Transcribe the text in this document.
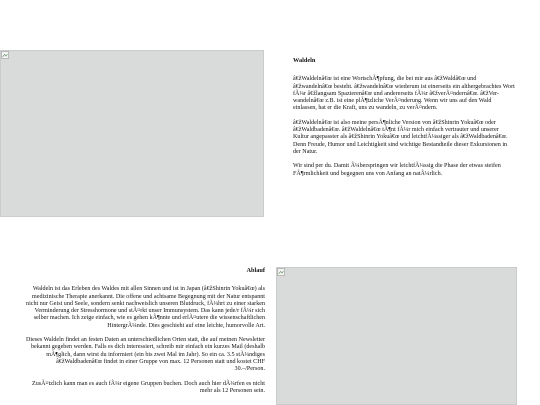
Waldeln

â€žWaldelnâ€œ ist eine WortschÃ¶pfung, die bei mir aus â€žWaldâ€œ und â€žwandelnâ€œ besteht. â€žwandelnâ€œ wiederum ist einerseits ein althergebrachtes Wort fÃ¼r â€žlangsam Spazierenâ€œ und andererseits fÃ¼r â€žverÃ¤ndernâ€œ. â€žVer-wandelnâ€œ z.B. ist eine plÃ¶tzliche VerÃ¤nderung. Wenn wir uns auf den Wald einlassen, hat er die Kraft, uns zu wandeln, zu verÃ¤ndern.

â€žWaldelnâ€œ ist also meine persÃ¶nliche Version von â€žShinrin Yokuâ€œ oder â€žWaldbadenâ€œ. â€žWaldelnâ€œ tÃ¶nt fÃ¼r mich einfach vertrauter und unserer Kultur angepasster als â€žShinrin Yokuâ€œ und leichtfÃ¼ssiger als â€žWaldbadenâ€œ. Denn Freude, Humor und Leichtigkeit sind wichtige Bestandteile dieser Exkursionen in der Natur.

Wir sind per du. Damit Ã¼berspringen wir leichtfÃ¼ssig die Phase der etwas steifen FÃ¶rmlichkeit und begegnen uns von Anfang an natÃ¼rlich.

Ablauf

Waldeln ist das Erleben des Waldes mit allen Sinnen und ist in Japan (â€žShinrin Yokuâ€œ) als medizinische Therapie anerkannt. Die offene und achtsame Begegnung mit der Natur entspannt nicht nur Geist und Seele, sondern senkt nachweislich unseren Blutdruck, fÃ¼hrt zu einer starken Verminderung der Stresshormone und stÃ¤rkt unser Immunsystem. Das kann jede/r fÃ¼r sich selber machen. Ich zeige einfach, wie es gehen kÃ¶nnte und erlÃ¤utere die wissenschaftlichen HintergrÃ¼nde. Dies geschieht auf eine leichte, humorvolle Art.

Dieses Waldeln findet an festen Daten an unterschiedlichen Orten statt, die auf meinen Newsletter bekannt gegeben werden. Falls es dich interessiert, schreib mir einfach ein kurzes Mail (deshalb mÃ¶glich, dann wirst du informiert (ein bis zwei Mal im Jahr). So ein ca. 3.5 stÃ¼ndiges â€žWaldbadenâ€œ findet in einer Gruppe von max. 12 Personen statt und kostet CHF 30.–/Person.

ZusÃ¤tzlich kann man es auch fÃ¼r eigene Gruppen buchen. Doch auch hier dÃ¼rfen es nicht mehr als 12 Personen sein.
